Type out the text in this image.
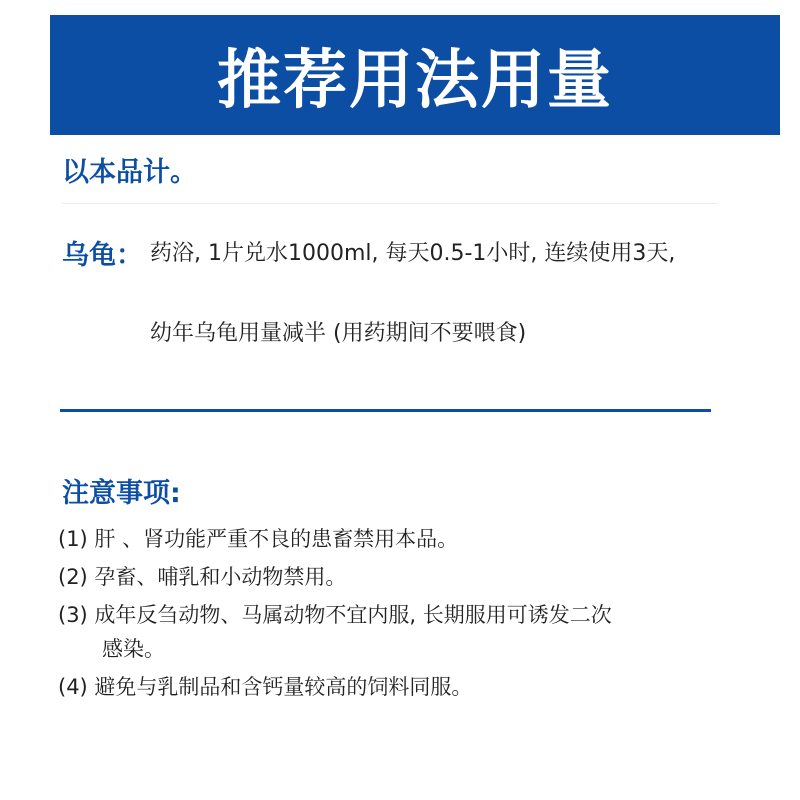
推荐用法用量
以本品计。
乌龟： 药浴, 1片兑水1000ml, 每天0.5-1小时, 连续使用3天,
幼年乌龟用量减半 (用药期间不要喂食)
注意事项:
(1) 肝 、肾功能严重不良的患畜禁用本品。
(2) 孕畜、哺乳和小动物禁用。
(3) 成年反刍动物、马属动物不宜内服, 长期服用可诱发二次
感染。
(4) 避免与乳制品和含钙量较高的饲料同服。
